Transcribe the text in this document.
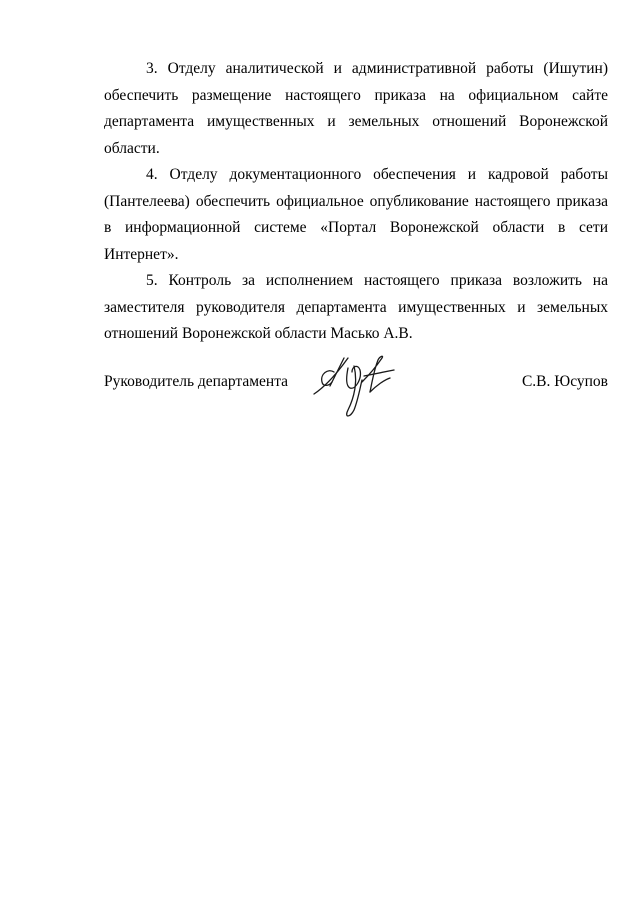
3. Отделу аналитической и административной работы (Ишутин) обеспечить размещение настоящего приказа на официальном сайте департамента имущественных и земельных отношений Воронежской области.

4. Отделу документационного обеспечения и кадровой работы (Пантелеева) обеспечить официальное опубликование настоящего приказа в информационной системе «Портал Воронежской области в сети Интернет».

5. Контроль за исполнением настоящего приказа возложить на заместителя руководителя департамента имущественных и земельных отношений Воронежской области Масько А.В.

Руководитель департамента	С.В. Юсупов
